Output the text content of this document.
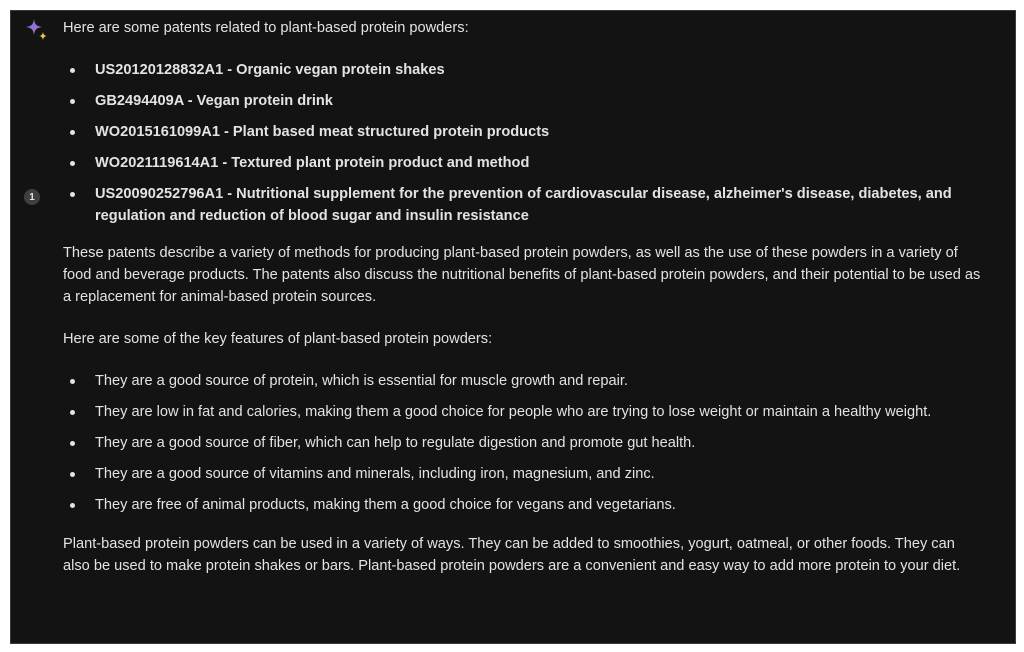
1

Here are some patents related to plant-based protein powders:

US20120128832A1 - Organic vegan protein shakes
GB2494409A - Vegan protein drink
WO2015161099A1 - Plant based meat structured protein products
WO2021119614A1 - Textured plant protein product and method
US20090252796A1 - Nutritional supplement for the prevention of cardiovascular disease, alzheimer's disease, diabetes, and regulation and reduction of blood sugar and insulin resistance

These patents describe a variety of methods for producing plant-based protein powders, as well as the use of these powders in a variety of food and beverage products. The patents also discuss the nutritional benefits of plant-based protein powders, and their potential to be used as a replacement for animal-based protein sources.

Here are some of the key features of plant-based protein powders:

They are a good source of protein, which is essential for muscle growth and repair.
They are low in fat and calories, making them a good choice for people who are trying to lose weight or maintain a healthy weight.
They are a good source of fiber, which can help to regulate digestion and promote gut health.
They are a good source of vitamins and minerals, including iron, magnesium, and zinc.
They are free of animal products, making them a good choice for vegans and vegetarians.

Plant-based protein powders can be used in a variety of ways. They can be added to smoothies, yogurt, oatmeal, or other foods. They can also be used to make protein shakes or bars. Plant-based protein powders are a convenient and easy way to add more protein to your diet.
